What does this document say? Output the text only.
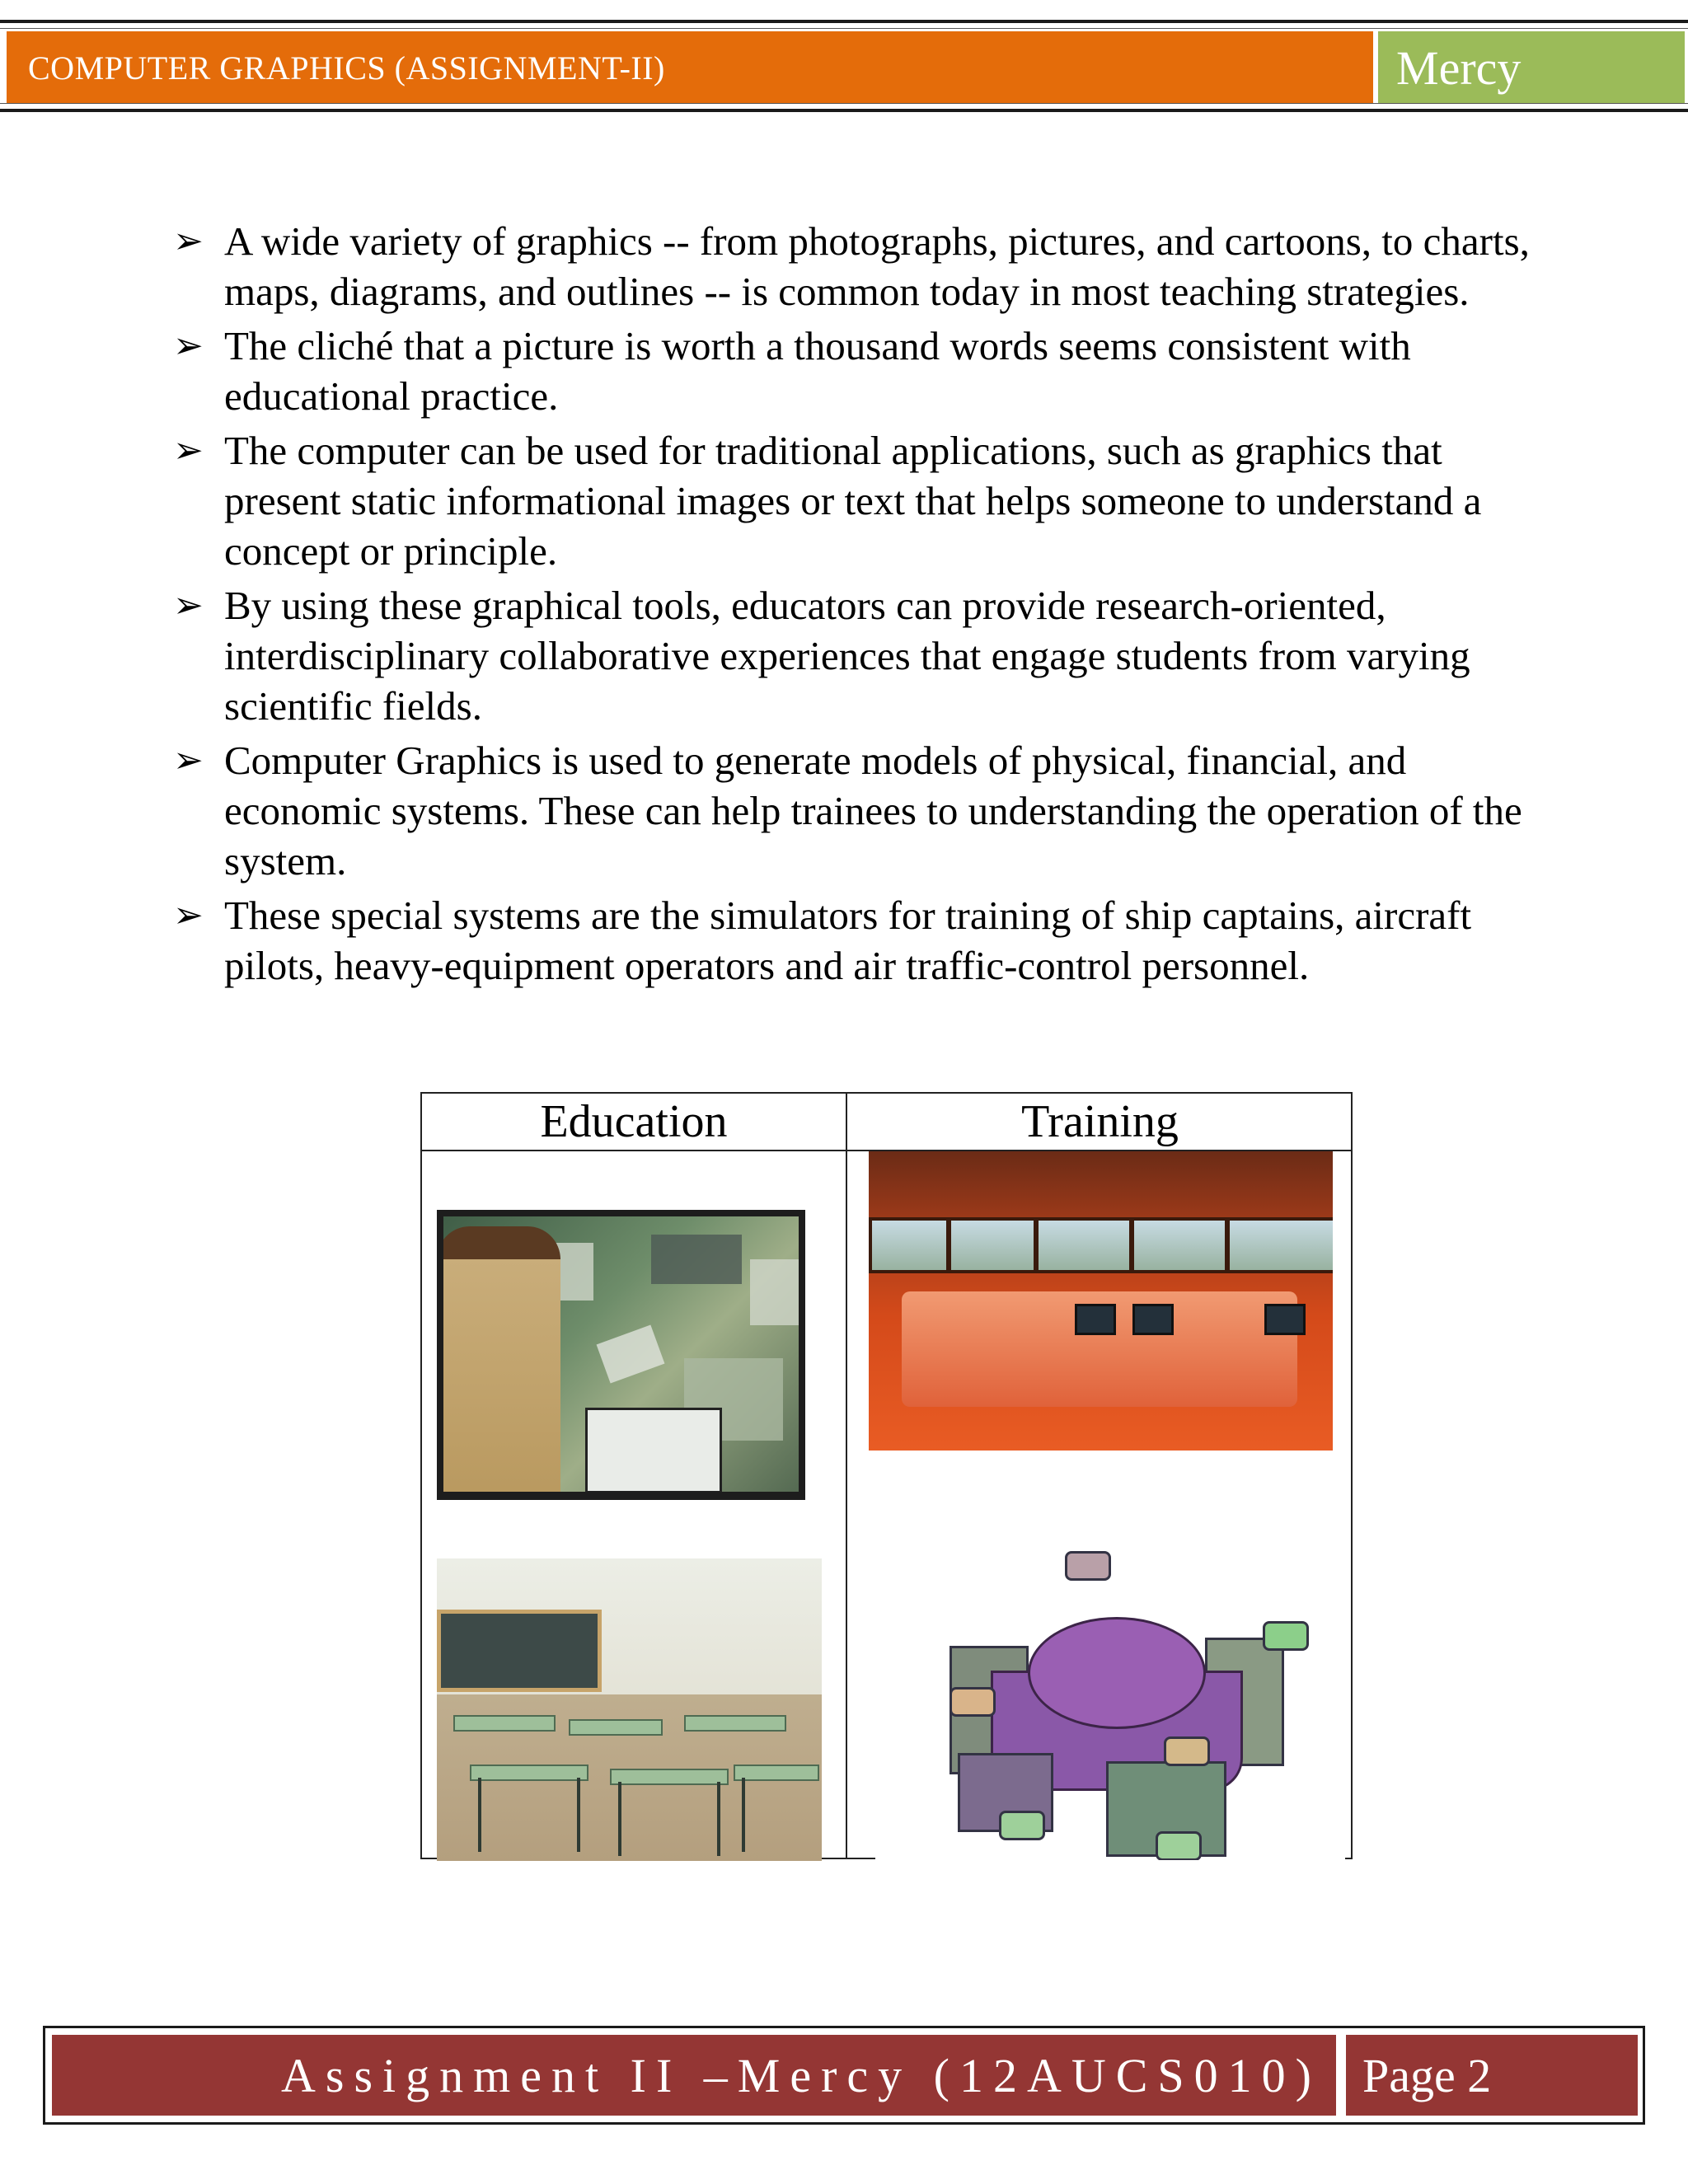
COMPUTER GRAPHICS (ASSIGNMENT-II)	Mercy
➢ A wide variety of graphics -- from photographs, pictures, and cartoons, to charts, maps, diagrams, and outlines -- is common today in most teaching strategies.
➢ The cliché that a picture is worth a thousand words seems consistent with educational practice.
➢ The computer can be used for traditional applications, such as graphics that present static informational images or text that helps someone to understand a concept or principle.
➢ By using these graphical tools, educators can provide research-oriented, interdisciplinary collaborative experiences that engage students from varying scientific fields.
➢ Computer Graphics is used to generate models of physical, financial, and economic systems. These can help trainees to understanding the operation of the system.
➢ These special systems are the simulators for training of ship captains, aircraft pilots, heavy-equipment operators and air traffic-control personnel.
Education	Training
Assignment II –Mercy (12AUCS010) Page 2
